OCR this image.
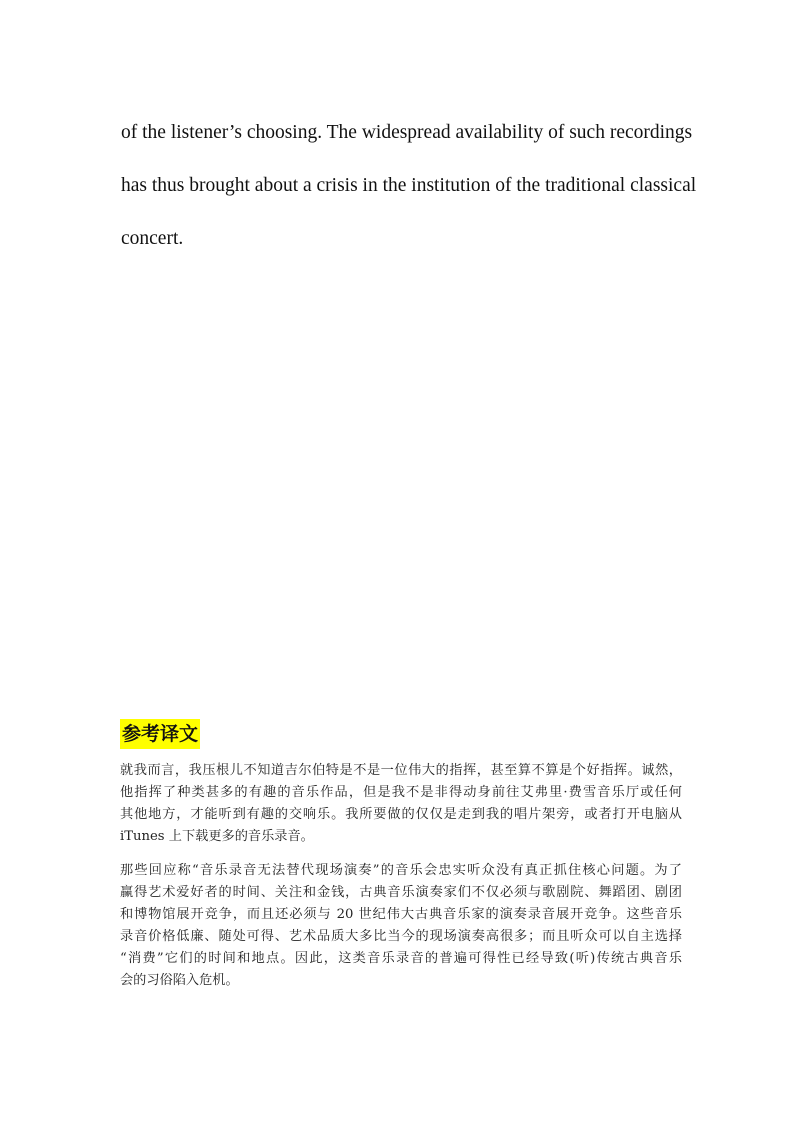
of the listener’s choosing. The widespread availability of such recordings
has thus brought about a crisis in the institution of the traditional classical
concert.

参考译文

就我而言，我压根儿不知道吉尔伯特是不是一位伟大的指挥，甚至算不算是个好指挥。诚然，
他指挥了种类甚多的有趣的音乐作品，但是我不是非得动身前往艾弗里·费雪音乐厅或任何
其他地方，才能听到有趣的交响乐。我所要做的仅仅是走到我的唱片架旁，或者打开电脑从
iTunes 上下载更多的音乐录音。

那些回应称“音乐录音无法替代现场演奏”的音乐会忠实听众没有真正抓住核心问题。为了
赢得艺术爱好者的时间、关注和金钱，古典音乐演奏家们不仅必须与歌剧院、舞蹈团、剧团
和博物馆展开竞争，而且还必须与 20 世纪伟大古典音乐家的演奏录音展开竞争。这些音乐
录音价格低廉、随处可得、艺术品质大多比当今的现场演奏高很多；而且听众可以自主选择
“消费”它们的时间和地点。因此，这类音乐录音的普遍可得性已经导致(听)传统古典音乐
会的习俗陷入危机。
